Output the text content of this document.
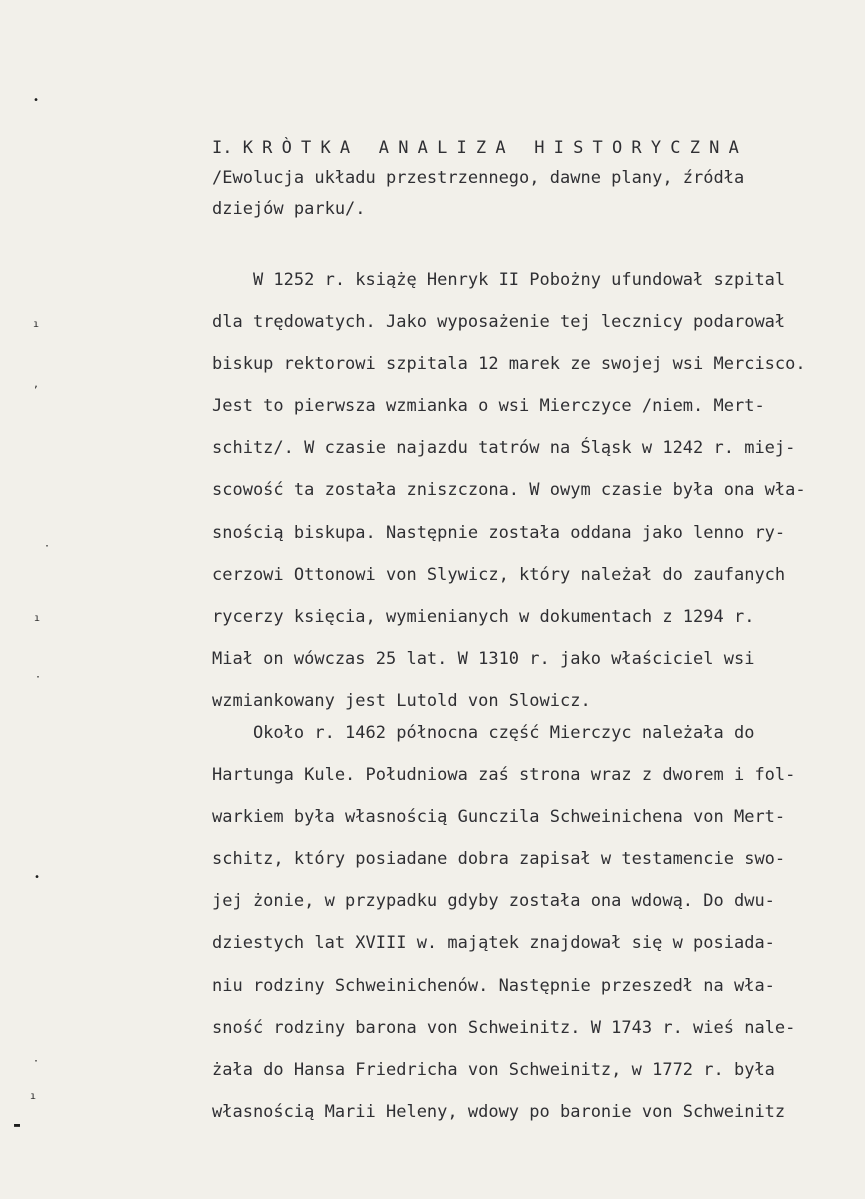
I. KRÒTKA ANALIZA HISTORYCZNA
/Ewolucja układu przestrzennego, dawne plany, źródła
dziejów parku/.
W 1252 r. książę Henryk II Pobożny ufundował szpital
dla trędowatych. Jako wyposażenie tej lecznicy podarował
biskup rektorowi szpitala 12 marek ze swojej wsi Mercisco.
Jest to pierwsza wzmianka o wsi Mierczyce /niem. Mert-
schitz/. W czasie najazdu tatrów na Śląsk w 1242 r. miej-
scowość ta została zniszczona. W owym czasie była ona wła-
snością biskupa. Następnie została oddana jako lenno ry-
cerzowi Ottonowi von Slywicz, który należał do zaufanych
rycerzy księcia, wymienianych w dokumentach z 1294 r.
Miał on wówczas 25 lat. W 1310 r. jako właściciel wsi
wzmiankowany jest Lutold von Slowicz.
Około r. 1462 północna część Mierczyc należała do
Hartunga Kule. Południowa zaś strona wraz z dworem i fol-
warkiem była własnością Gunczila Schweinichena von Mert-
schitz, który posiadane dobra zapisał w testamencie swo-
jej żonie, w przypadku gdyby została ona wdową. Do dwu-
dziestych lat XVIII w. majątek znajdował się w posiada-
niu rodziny Schweinichenów. Następnie przeszedł na wła-
sność rodziny barona von Schweinitz. W 1743 r. wieś nale-
żała do Hansa Friedricha von Schweinitz, w 1772 r. była
własnością Marii Heleny, wdowy po baronie von Schweinitz
•
ı
,
·
ı
·
•
·
ı
▬
